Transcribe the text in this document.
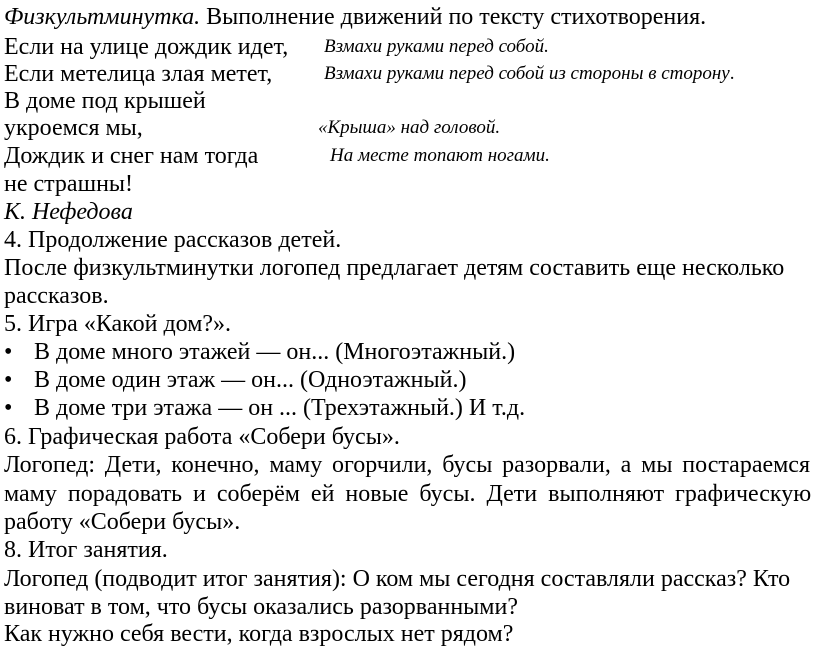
Физкультминутка. Выполнение движений по тексту стихотворения.
Если на улице дождик идет, Взмахи руками перед собой.
Если метелица злая метет,	Взмахи руками перед собой из стороны в сторону.
В доме под крышей
укроемся мы,	«Крыша» над головой.
Дождик и снег нам тогда	На месте топают ногами.
не страшны!
К. Нефедова
4. Продолжение рассказов детей.
После физкультминутки логопед предлагает детям составить еще несколько
рассказов.
5. Игра «Какой дом?».
• В доме много этажей — он... (Многоэтажный.)
• В доме один этаж — он... (Одноэтажный.)
• В доме три этажа — он ... (Трехэтажный.) И т.д.
6. Графическая работа «Собери бусы».
Логопед: Дети, конечно, маму огорчили, бусы разорвали, а мы постараемся
маму порадовать и соберём ей новые бусы. Дети выполняют графическую
работу «Собери бусы».
8. Итог занятия.
Логопед (подводит итог занятия): О ком мы сегодня составляли рассказ? Кто
виноват в том, что бусы оказались разорванными?
Как нужно себя вести, когда взрослых нет рядом?
